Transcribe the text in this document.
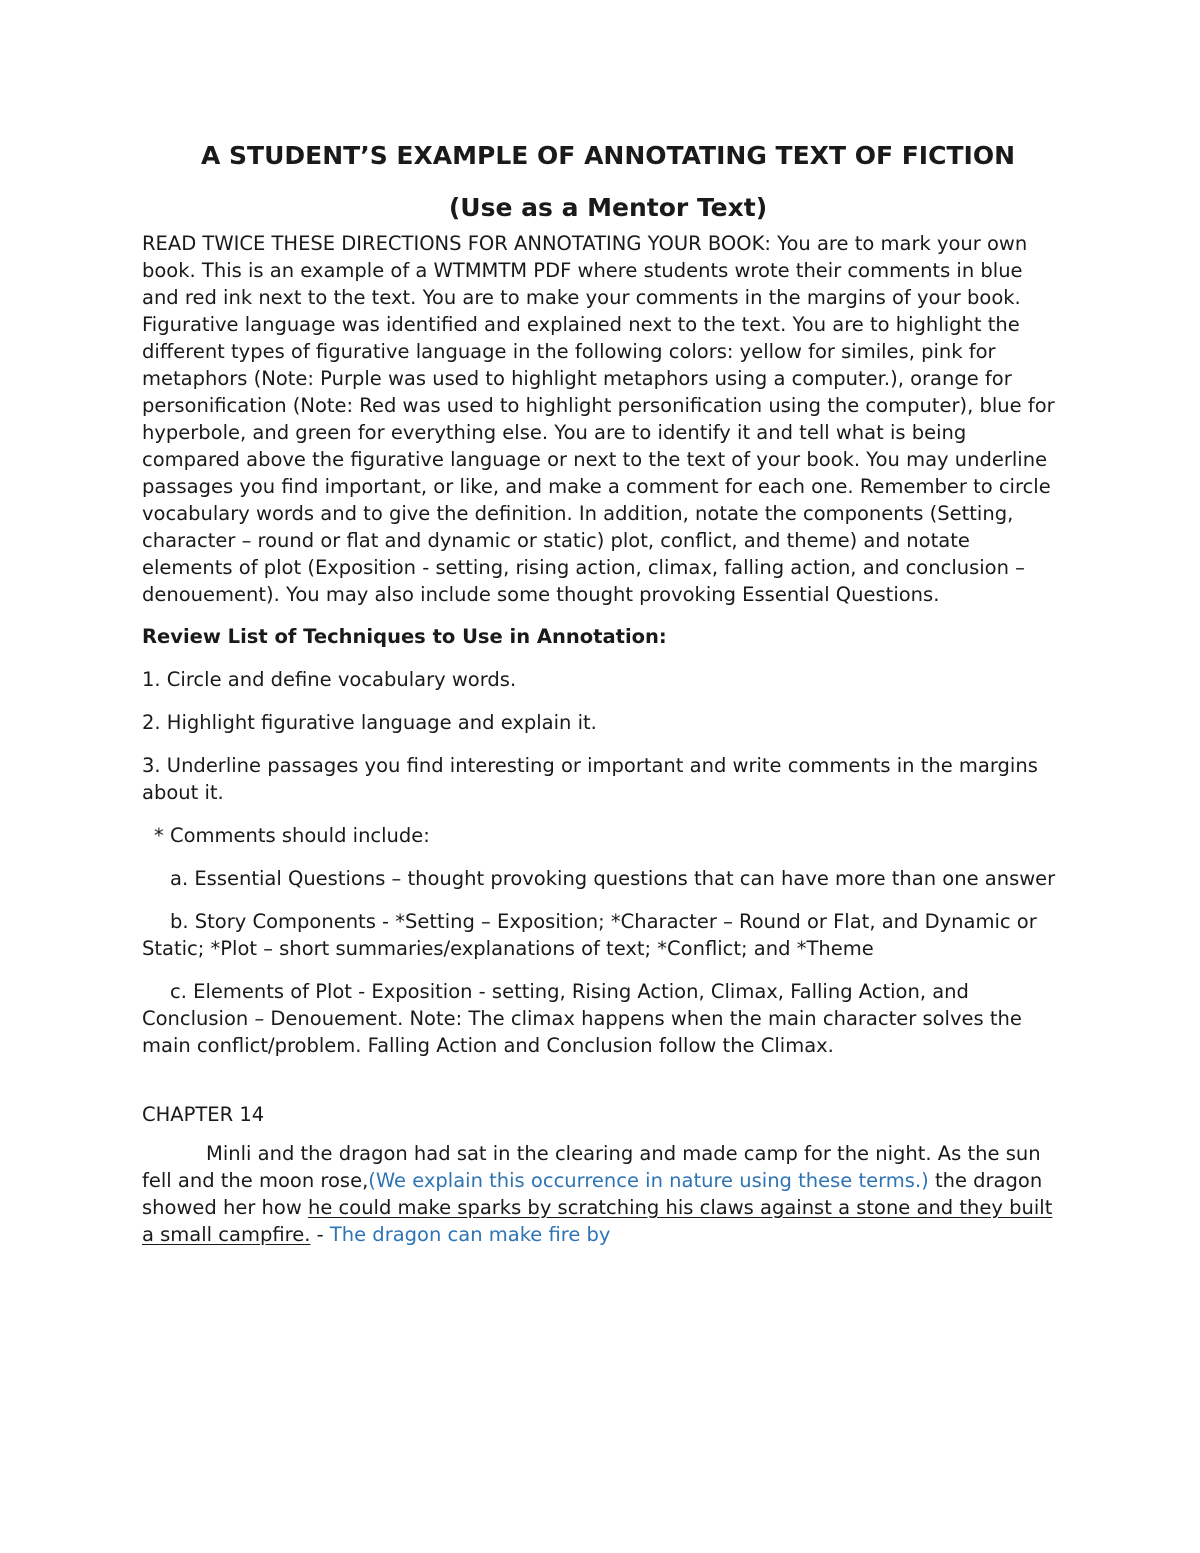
A STUDENT’S EXAMPLE OF ANNOTATING TEXT OF FICTION
(Use as a Mentor Text)

READ TWICE THESE DIRECTIONS FOR ANNOTATING YOUR BOOK: You are to mark your own book. This is an example of a WTMMTM PDF where students wrote their comments in blue and red ink next to the text. You are to make your comments in the margins of your book. Figurative language was identified and explained next to the text. You are to highlight the different types of figurative language in the following colors: yellow for similes, pink for metaphors (Note: Purple was used to highlight metaphors using a computer.), orange for personification (Note: Red was used to highlight personification using the computer), blue for hyperbole, and green for everything else. You are to identify it and tell what is being compared above the figurative language or next to the text of your book. You may underline passages you find important, or like, and make a comment for each one. Remember to circle vocabulary words and to give the definition. In addition, notate the components (Setting, character – round or flat and dynamic or static) plot, conflict, and theme) and notate elements of plot (Exposition - setting, rising action, climax, falling action, and conclusion – denouement). You may also include some thought provoking Essential Questions.

Review List of Techniques to Use in Annotation:

1. Circle and define vocabulary words.

2. Highlight figurative language and explain it.

3. Underline passages you find interesting or important and write comments in the margins about it.

* Comments should include:

a. Essential Questions – thought provoking questions that can have more than one answer

b. Story Components - *Setting – Exposition; *Character – Round or Flat, and Dynamic or Static; *Plot – short summaries/explanations of text; *Conflict; and *Theme

c. Elements of Plot - Exposition - setting, Rising Action, Climax, Falling Action, and Conclusion – Denouement. Note: The climax happens when the main character solves the main conflict/problem. Falling Action and Conclusion follow the Climax.

CHAPTER 14

Minli and the dragon had sat in the clearing and made camp for the night. As the sun fell and the moon rose,(We explain this occurrence in nature using these terms.) the dragon showed her how he could make sparks by scratching his claws against a stone and they built a small campfire. - The dragon can make fire by
